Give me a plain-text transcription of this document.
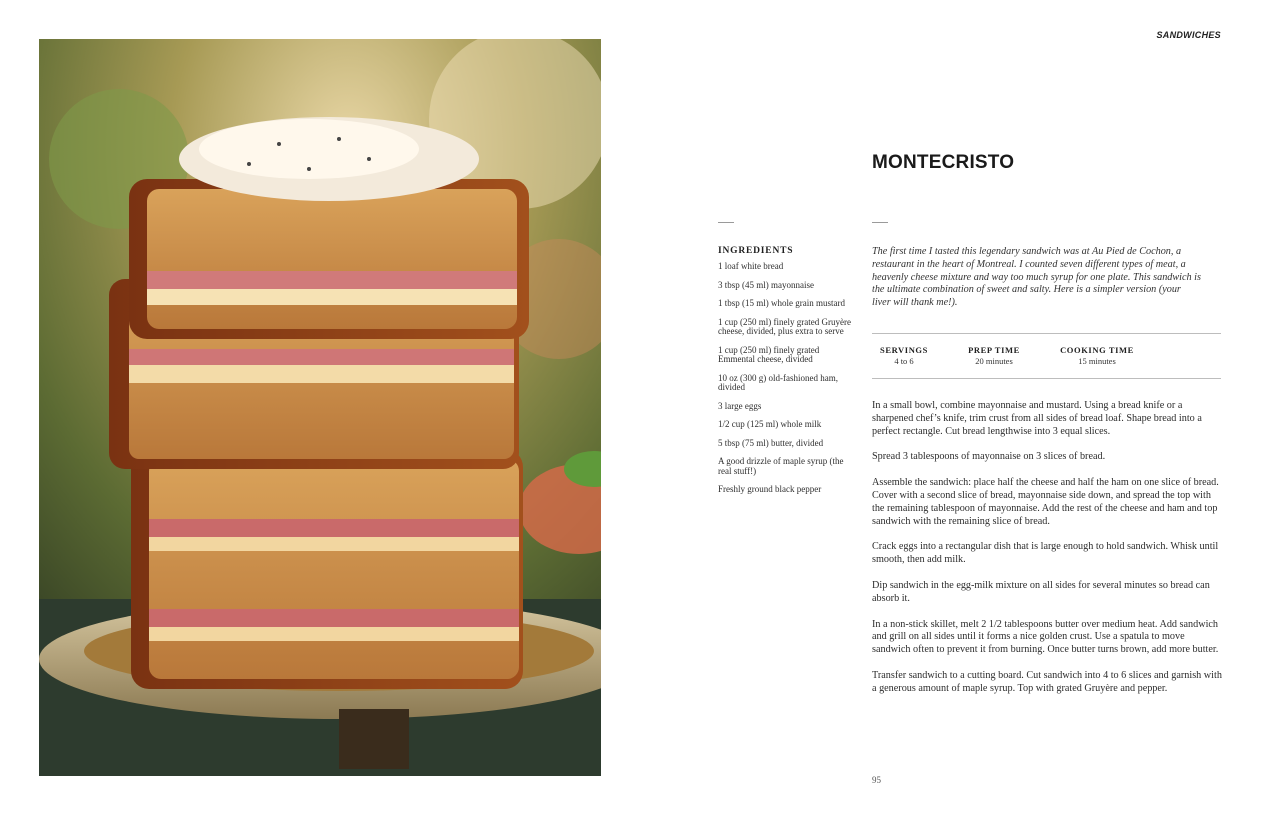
SANDWICHES
MONTECRISTO
INGREDIENTS
1 loaf white bread
3 tbsp (45 ml) mayonnaise
1 tbsp (15 ml) whole grain mustard
1 cup (250 ml) finely grated Gruyère cheese, divided, plus extra to serve
1 cup (250 ml) finely grated Emmental cheese, divided
10 oz (300 g) old-fashioned ham, divided
3 large eggs
1/2 cup (125 ml) whole milk
5 tbsp (75 ml) butter, divided
A good drizzle of maple syrup (the real stuff!)
Freshly ground black pepper

The first time I tasted this legendary sandwich was at Au Pied de Cochon, a restaurant in the heart of Montreal. I counted seven different types of meat, a heavenly cheese mixture and way too much syrup for one plate. This sandwich is the ultimate combination of sweet and salty. Here is a simpler version (your liver will thank me!).

SERVINGS
4 to 6
PREP TIME
20 minutes
COOKING TIME
15 minutes

In a small bowl, combine mayonnaise and mustard. Using a bread knife or a sharpened chef’s knife, trim crust from all sides of bread loaf. Shape bread into a perfect rectangle. Cut bread lengthwise into 3 equal slices.

Spread 3 tablespoons of mayonnaise on 3 slices of bread.

Assemble the sandwich: place half the cheese and half the ham on one slice of bread. Cover with a second slice of bread, mayonnaise side down, and spread the top with the remaining tablespoon of mayonnaise. Add the rest of the cheese and ham and top sandwich with the remaining slice of bread.

Crack eggs into a rectangular dish that is large enough to hold sandwich. Whisk until smooth, then add milk.

Dip sandwich in the egg-milk mixture on all sides for several minutes so bread can absorb it.

In a non-stick skillet, melt 2 1/2 tablespoons butter over medium heat. Add sandwich and grill on all sides until it forms a nice golden crust. Use a spatula to move sandwich often to prevent it from burning. Once butter turns brown, add more butter.

Transfer sandwich to a cutting board. Cut sandwich into 4 to 6 slices and garnish with a generous amount of maple syrup. Top with grated Gruyère and pepper.

95
